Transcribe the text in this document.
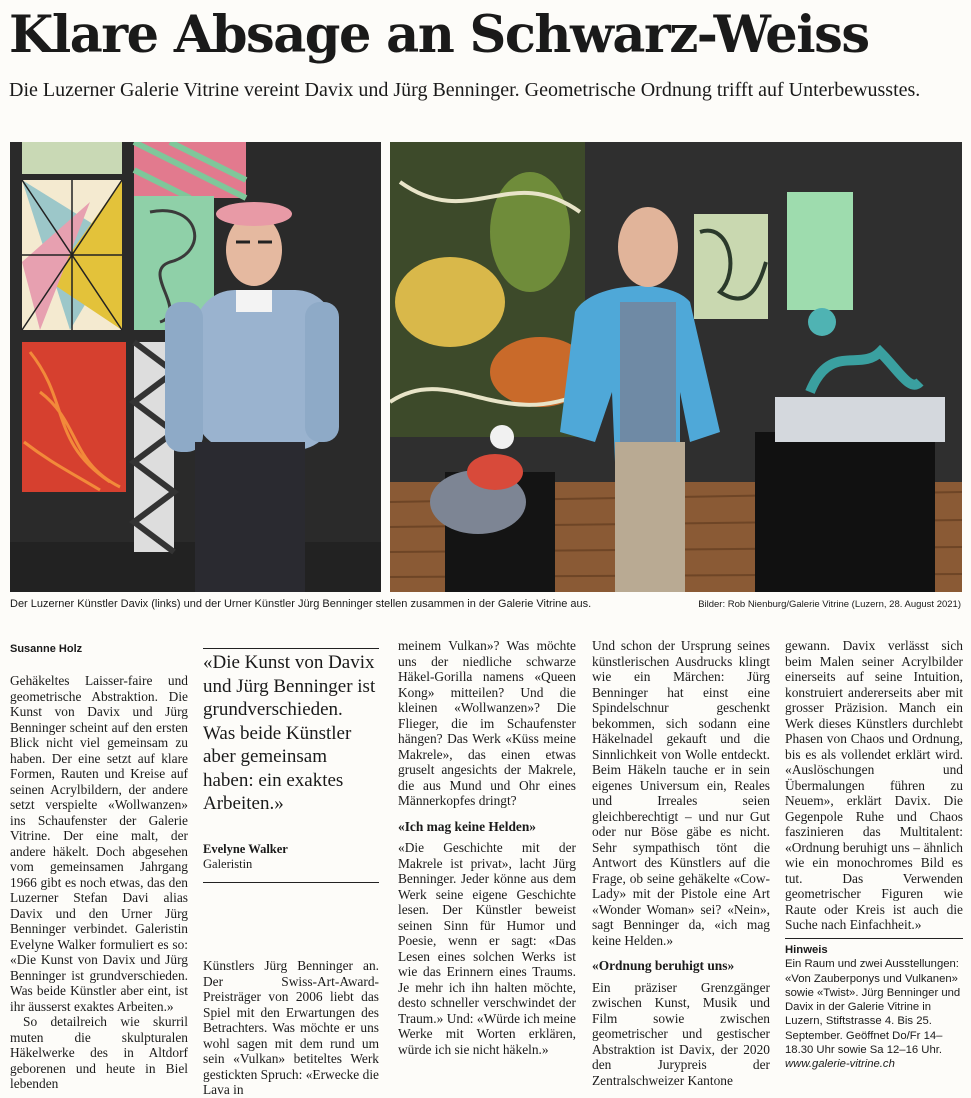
Klare Absage an Schwarz-Weiss

Die Luzerner Galerie Vitrine vereint Davix und Jürg Benninger. Geometrische Ordnung trifft auf Unterbewusstes.

Der Luzerner Künstler Davix (links) und der Urner Künstler Jürg Benninger stellen zusammen in der Galerie Vitrine aus.	Bilder: Rob Nienburg/Galerie Vitrine (Luzern, 28. August 2021)
Susanne Holz

Gehäkeltes Laisser-faire und geometrische Abstraktion. Die Kunst von Davix und Jürg Benninger scheint auf den ersten Blick nicht viel gemeinsam zu haben. Der eine setzt auf klare Formen, Rauten und Kreise auf seinen Acrylbildern, der andere setzt verspielte «Wollwanzen» ins Schaufenster der Galerie Vitrine. Der eine malt, der andere häkelt. Doch abgesehen vom gemeinsamen Jahrgang 1966 gibt es noch etwas, das den Luzerner Stefan Davi alias Davix und den Urner Jürg Benninger verbindet. Galeristin Evelyne Walker formuliert es so: «Die Kunst von Davix und Jürg Benninger ist grundverschieden. Was beide Künstler aber eint, ist ihr äusserst exaktes Arbeiten.»

So detailreich wie skurril muten die skulpturalen Häkelwerke des in Altdorf geborenen und heute in Biel lebenden

«Die Kunst von Davix und Jürg Benninger ist grundverschieden. Was beide Künstler aber gemeinsam haben: ein exaktes Arbeiten.»

Evelyne Walker
Galeristin

Künstlers Jürg Benninger an. Der Swiss-Art-Award-Preisträger von 2006 liebt das Spiel mit den Erwartungen des Betrachters. Was möchte er uns wohl sagen mit dem rund um sein «Vulkan» betiteltes Werk gestickten Spruch: «Erwecke die Lava in

meinem Vulkan»? Was möchte uns der niedliche schwarze Häkel-Gorilla namens «Queen Kong» mitteilen? Und die kleinen «Wollwanzen»? Die Flieger, die im Schaufenster hängen? Das Werk «Küss meine Makrele», das einen etwas gruselt angesichts der Makrele, die aus Mund und Ohr eines Männerkopfes dringt?

«Ich mag keine Helden»

«Die Geschichte mit der Makrele ist privat», lacht Jürg Benninger. Jeder könne aus dem Werk seine eigene Geschichte lesen. Der Künstler beweist seinen Sinn für Humor und Poesie, wenn er sagt: «Das Lesen eines solchen Werks ist wie das Erinnern eines Traums. Je mehr ich ihn halten möchte, desto schneller verschwindet der Traum.» Und: «Würde ich meine Werke mit Worten erklären, würde ich sie nicht häkeln.»

Und schon der Ursprung seines künstlerischen Ausdrucks klingt wie ein Märchen: Jürg Benninger hat einst eine Spindelschnur geschenkt bekommen, sich sodann eine Häkelnadel gekauft und die Sinnlichkeit von Wolle entdeckt. Beim Häkeln tauche er in sein eigenes Universum ein, Reales und Irreales seien gleichberechtigt – und nur Gut oder nur Böse gäbe es nicht. Sehr sympathisch tönt die Antwort des Künstlers auf die Frage, ob seine gehäkelte «Cow-Lady» mit der Pistole eine Art «Wonder Woman» sei? «Nein», sagt Benninger da, «ich mag keine Helden.»

«Ordnung beruhigt uns»

Ein präziser Grenzgänger zwischen Kunst, Musik und Film sowie zwischen geometrischer und gestischer Abstraktion ist Davix, der 2020 den Jurypreis der Zentralschweizer Kantone

gewann. Davix verlässt sich beim Malen seiner Acrylbilder einerseits auf seine Intuition, konstruiert andererseits aber mit grosser Präzision. Manch ein Werk dieses Künstlers durchlebt Phasen von Chaos und Ordnung, bis es als vollendet erklärt wird. «Auslöschungen und Übermalungen führen zu Neuem», erklärt Davix. Die Gegenpole Ruhe und Chaos faszinieren das Multitalent: «Ordnung beruhigt uns – ähnlich wie ein monochromes Bild es tut. Das Verwenden geometrischer Figuren wie Raute oder Kreis ist auch die Suche nach Einfachheit.»

Hinweis
Ein Raum und zwei Ausstellungen: «Von Zauberponys und Vulkanen» sowie «Twist». Jürg Benninger und Davix in der Galerie Vitrine in Luzern, Stiftstrasse 4. Bis 25. September. Geöffnet Do/Fr 14–18.30 Uhr sowie Sa 12–16 Uhr. www.galerie-vitrine.ch
